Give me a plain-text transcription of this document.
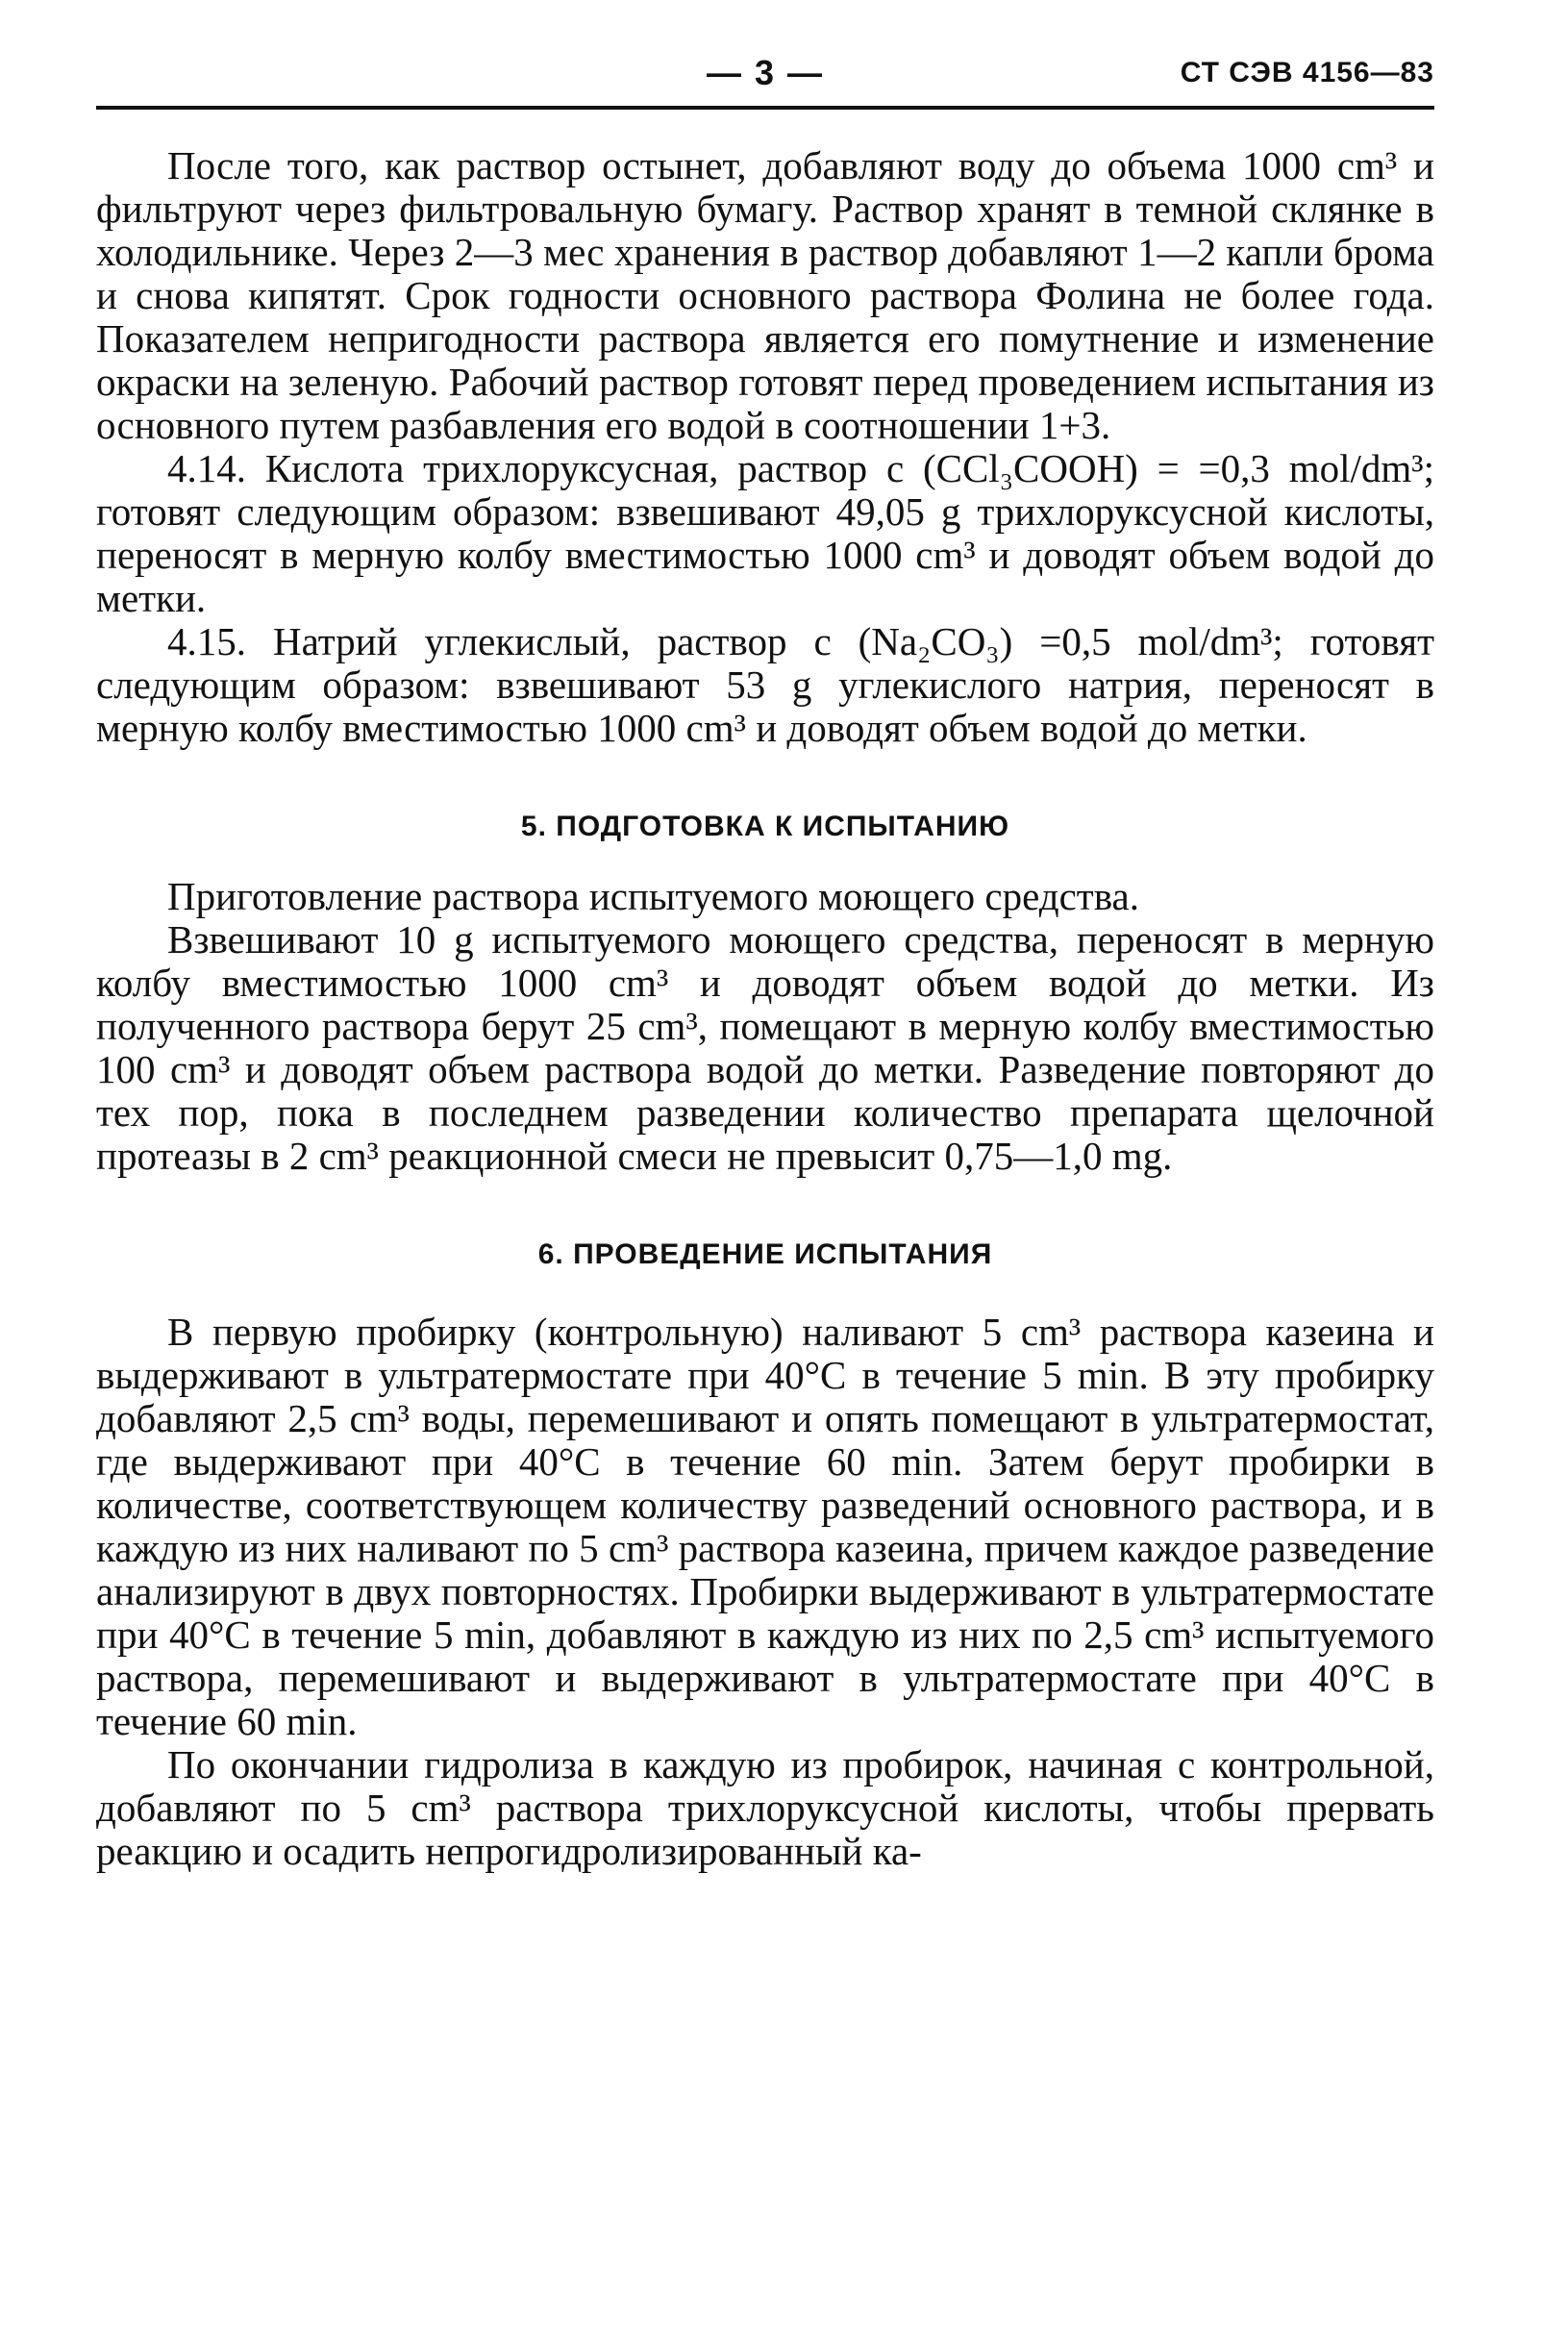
— 3 —	СТ СЭВ 4156—83

После того, как раствор остынет, добавляют воду до объема 1000 cm³ и фильтруют через фильтровальную бумагу. Раствор хранят в темной склянке в холодильнике. Через 2—3 мес хранения в раствор добавляют 1—2 капли брома и снова кипятят. Срок годности основного раствора Фолина не более года. Показателем непригодности раствора является его помутнение и изменение окраски на зеленую. Рабочий раствор готовят перед проведением испытания из основного путем разбавления его водой в соотношении 1+3.

4.14. Кислота трихлоруксусная, раствор c (CCl₃COOH) = =0,3 mol/dm³; готовят следующим образом: взвешивают 49,05 g трихлоруксусной кислоты, переносят в мерную колбу вместимостью 1000 cm³ и доводят объем водой до метки.

4.15. Натрий углекислый, раствор c (Na₂CO₃) =0,5 mol/dm³; готовят следующим образом: взвешивают 53 g углекислого натрия, переносят в мерную колбу вместимостью 1000 cm³ и доводят объем водой до метки.

5. ПОДГОТОВКА К ИСПЫТАНИЮ

Приготовление раствора испытуемого моющего средства.

Взвешивают 10 g испытуемого моющего средства, переносят в мерную колбу вместимостью 1000 cm³ и доводят объем водой до метки. Из полученного раствора берут 25 cm³, помещают в мерную колбу вместимостью 100 cm³ и доводят объем раствора водой до метки. Разведение повторяют до тех пор, пока в последнем разведении количество препарата щелочной протеазы в 2 cm³ реакционной смеси не превысит 0,75—1,0 mg.

6. ПРОВЕДЕНИЕ ИСПЫТАНИЯ

В первую пробирку (контрольную) наливают 5 cm³ раствора казеина и выдерживают в ультратермостате при 40°C в течение 5 min. В эту пробирку добавляют 2,5 cm³ воды, перемешивают и опять помещают в ультратермостат, где выдерживают при 40°C в течение 60 min. Затем берут пробирки в количестве, соответствующем количеству разведений основного раствора, и в каждую из них наливают по 5 cm³ раствора казеина, причем каждое разведение анализируют в двух повторностях. Пробирки выдерживают в ультратермостате при 40°C в течение 5 min, добавляют в каждую из них по 2,5 cm³ испытуемого раствора, перемешивают и выдерживают в ультратермостате при 40°C в течение 60 min.

По окончании гидролиза в каждую из пробирок, начиная с контрольной, добавляют по 5 cm³ раствора трихлоруксусной кислоты, чтобы прервать реакцию и осадить непрогидролизированный ка-
